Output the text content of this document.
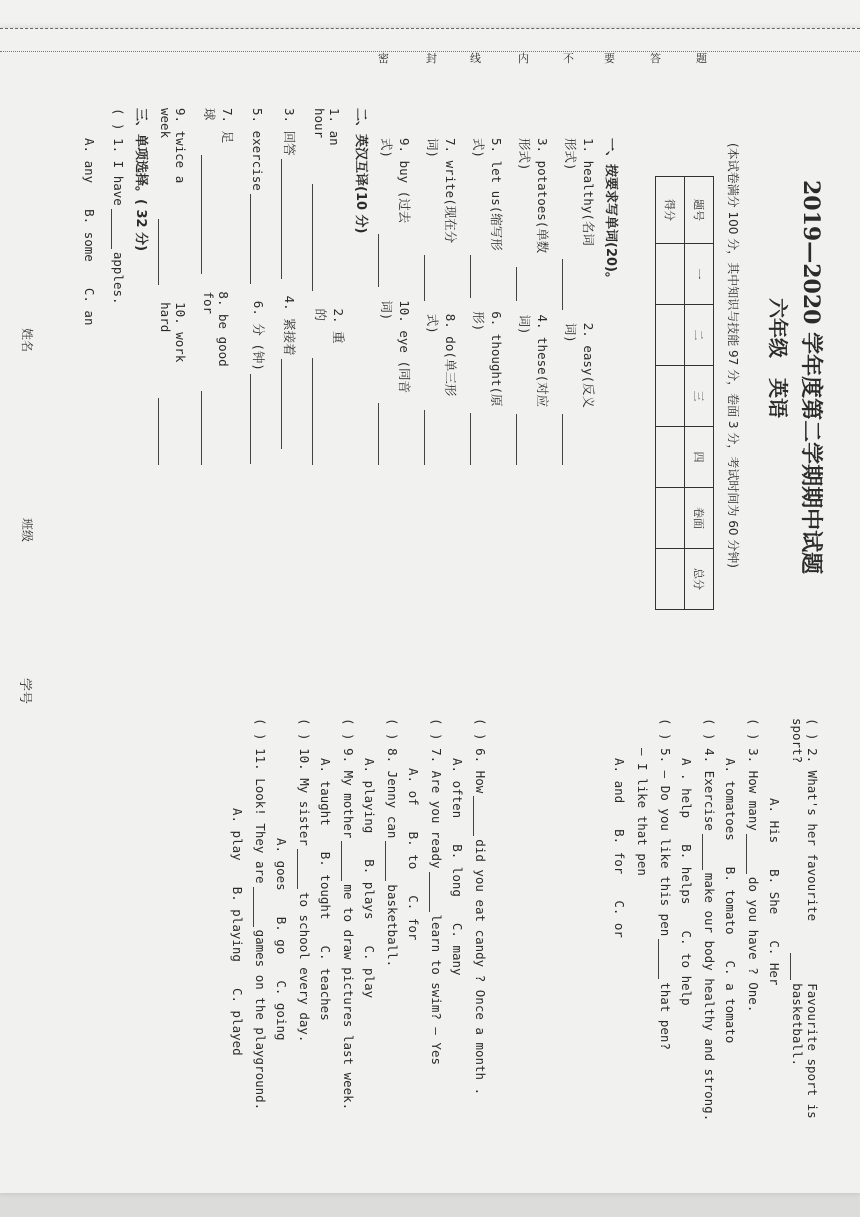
姓名
班级
学号
2019—2020 学年度第二学期期中试题
六年级　英语
(本试卷满分 100 分，其中知识与技能 97 分，卷面 3 分，考试时间为 60 分钟)
题号	一	二	三	四	卷面	总分
得分						
一、按要求写单词(20)。
1. healthy(名词形式)
2. easy(反义词)
3. potatoes(单数形式)
4. these(对应词)
5. let us(缩写形式)
6. thought(原形)
7. write(现在分词)
8. do(单三形式)
9. buy (过去式)
10. eye (同音词)
二、英汉互译(10 分)
1. an hour
2. 重的
3. 回答
4. 紧接着
5. exercise
6. 分 (钟)
7. 足球
8. be good for
9. twice a week
10. work hard
三、单项选择。( 32 分)
( ) 1. I have
apples.
A. any
B. some
C. an
( ) 2. What's her favourite sport?
Favourite sport is basketball.
A. His
B. She
C. Her
( ) 3. How many
do you have ? One.
A. tomatoes
B. tomato
C. a tomato
( ) 4. Exercise
make our body healthy and strong.
A . help
B. helps
C. to help
( ) 5. – Do you like this pen
that pen?
– I like that pen
A. and
B. for
C. or
( ) 6. How
did you eat candy ? Once a month .
A. often
B. long
C. many
( ) 7. Are you ready
learn to swim? – Yes
A. of
B. to
C. for
( ) 8. Jenny can
basketball.
A. playing
B. plays
C. play
( ) 9. My mother
me to draw pictures last week.
A. taught
B. tought
C. teaches
( ) 10. My sister
to school every day.
A. goes
B. go
C. going
( ) 11. Look! They are
games on the playground.
A. play
B. playing
C. played
密	封	线	内	不	要	答	题
